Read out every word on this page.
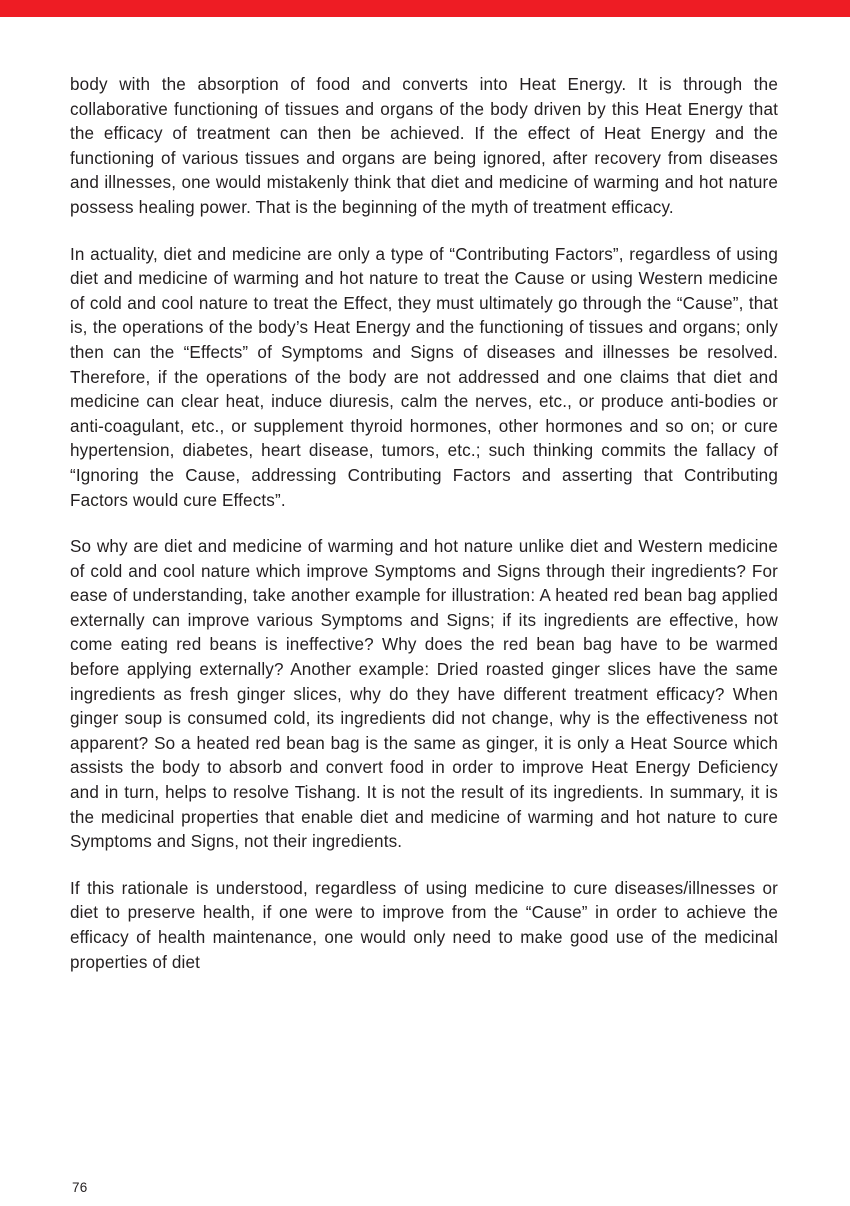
body with the absorption of food and converts into Heat Energy. It is through the collaborative functioning of tissues and organs of the body driven by this Heat Energy that the efficacy of treatment can then be achieved. If the effect of Heat Energy and the functioning of various tissues and organs are being ignored, after recovery from diseases and illnesses, one would mistakenly think that diet and medicine of warming and hot nature possess healing power. That is the beginning of the myth of treatment efficacy.

In actuality, diet and medicine are only a type of “Contributing Factors”, regardless of using diet and medicine of warming and hot nature to treat the Cause or using Western medicine of cold and cool nature to treat the Effect, they must ultimately go through the “Cause”, that is, the operations of the body’s Heat Energy and the functioning of tissues and organs; only then can the “Effects” of Symptoms and Signs of diseases and illnesses be resolved. Therefore, if the operations of the body are not addressed and one claims that diet and medicine can clear heat, induce diuresis, calm the nerves, etc., or produce anti-bodies or anti-coagulant, etc., or supplement thyroid hormones, other hormones and so on; or cure hypertension, diabetes, heart disease, tumors, etc.; such thinking commits the fallacy of “Ignoring the Cause, addressing Contributing Factors and asserting that Contributing Factors would cure Effects”.

So why are diet and medicine of warming and hot nature unlike diet and Western medicine of cold and cool nature which improve Symptoms and Signs through their ingredients? For ease of understanding, take another example for illustration: A heated red bean bag applied externally can improve various Symptoms and Signs; if its ingredients are effective, how come eating red beans is ineffective? Why does the red bean bag have to be warmed before applying externally? Another example: Dried roasted ginger slices have the same ingredients as fresh ginger slices, why do they have different treatment efficacy? When ginger soup is consumed cold, its ingredients did not change, why is the effectiveness not apparent? So a heated red bean bag is the same as ginger, it is only a Heat Source which assists the body to absorb and convert food in order to improve Heat Energy Deficiency and in turn, helps to resolve Tishang. It is not the result of its ingredients. In summary, it is the medicinal properties that enable diet and medicine of warming and hot nature to cure Symptoms and Signs, not their ingredients.

If this rationale is understood, regardless of using medicine to cure diseases/illnesses or diet to preserve health, if one were to improve from the “Cause” in order to achieve the efficacy of health maintenance, one would only need to make good use of the medicinal properties of diet

76
